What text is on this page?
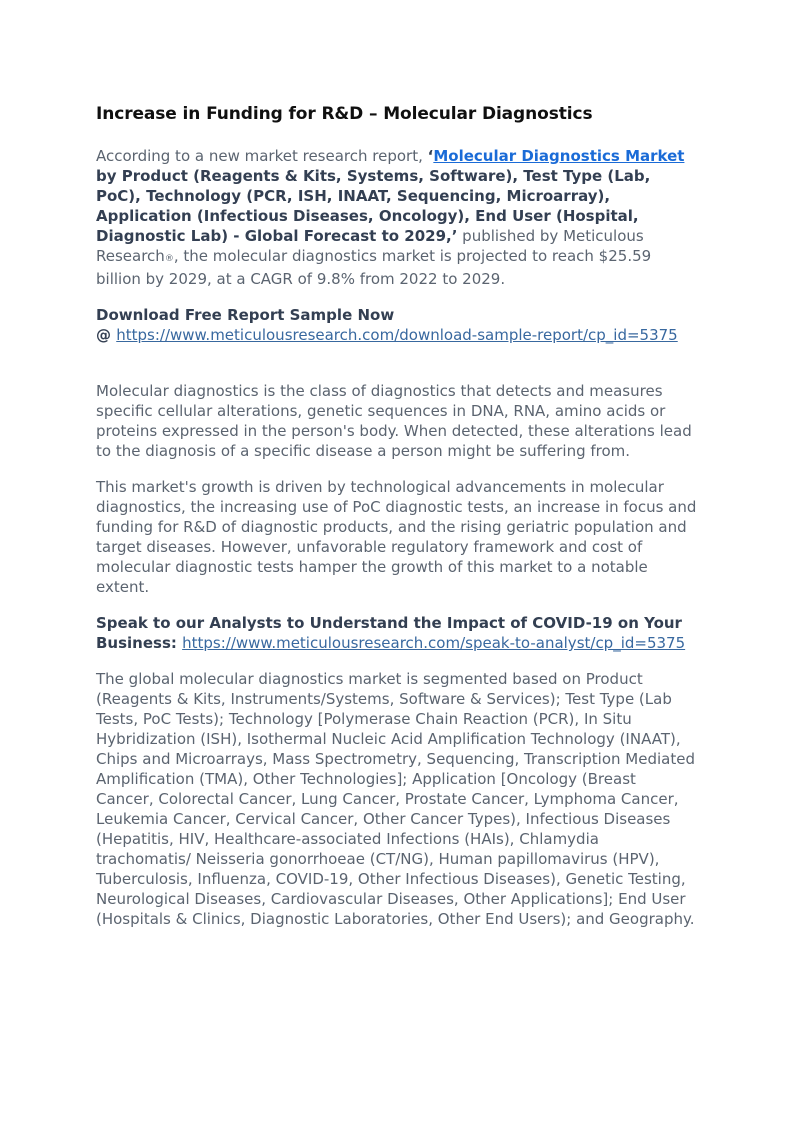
Increase in Funding for R&D – Molecular Diagnostics

According to a new market research report, ‘Molecular Diagnostics Market by Product (Reagents & Kits, Systems, Software), Test Type (Lab, PoC), Technology (PCR, ISH, INAAT, Sequencing, Microarray), Application (Infectious Diseases, Oncology), End User (Hospital, Diagnostic Lab) - Global Forecast to 2029,’ published by Meticulous Research®, the molecular diagnostics market is projected to reach $25.59 billion by 2029, at a CAGR of 9.8% from 2022 to 2029.

Download Free Report Sample Now
@ https://www.meticulousresearch.com/download-sample-report/cp_id=5375

Molecular diagnostics is the class of diagnostics that detects and measures specific cellular alterations, genetic sequences in DNA, RNA, amino acids or proteins expressed in the person's body. When detected, these alterations lead to the diagnosis of a specific disease a person might be suffering from.

This market's growth is driven by technological advancements in molecular diagnostics, the increasing use of PoC diagnostic tests, an increase in focus and funding for R&D of diagnostic products, and the rising geriatric population and target diseases. However, unfavorable regulatory framework and cost of molecular diagnostic tests hamper the growth of this market to a notable extent.

Speak to our Analysts to Understand the Impact of COVID-19 on Your Business: https://www.meticulousresearch.com/speak-to-analyst/cp_id=5375

The global molecular diagnostics market is segmented based on Product (Reagents & Kits, Instruments/Systems, Software & Services); Test Type (Lab Tests, PoC Tests); Technology [Polymerase Chain Reaction (PCR), In Situ Hybridization (ISH), Isothermal Nucleic Acid Amplification Technology (INAAT), Chips and Microarrays, Mass Spectrometry, Sequencing, Transcription Mediated Amplification (TMA), Other Technologies]; Application [Oncology (Breast Cancer, Colorectal Cancer, Lung Cancer, Prostate Cancer, Lymphoma Cancer, Leukemia Cancer, Cervical Cancer, Other Cancer Types), Infectious Diseases (Hepatitis, HIV, Healthcare-associated Infections (HAIs), Chlamydia trachomatis/ Neisseria gonorrhoeae (CT/NG), Human papillomavirus (HPV), Tuberculosis, Influenza, COVID-19, Other Infectious Diseases), Genetic Testing, Neurological Diseases, Cardiovascular Diseases, Other Applications]; End User (Hospitals & Clinics, Diagnostic Laboratories, Other End Users); and Geography.
